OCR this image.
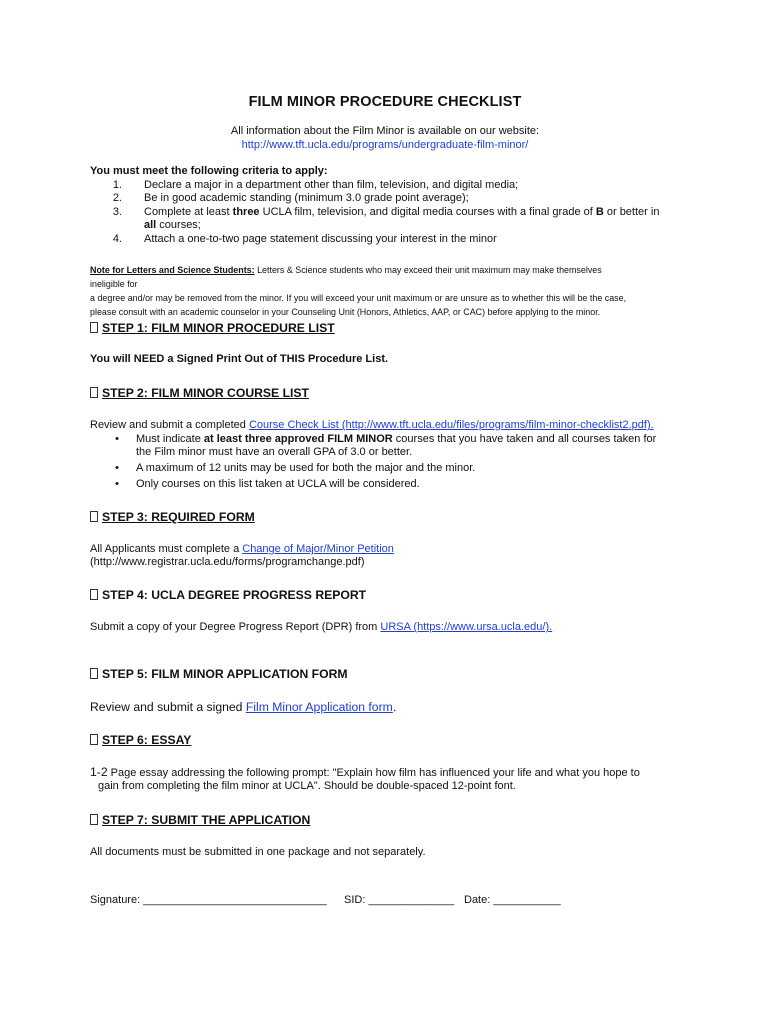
FILM MINOR PROCEDURE CHECKLIST
All information about the Film Minor is available on our website:
http://www.tft.ucla.edu/programs/undergraduate-film-minor/
You must meet the following criteria to apply:
1. Declare a major in a department other than film, television, and digital media;
2. Be in good academic standing (minimum 3.0 grade point average);
3. Complete at least three UCLA film, television, and digital media courses with a final grade of B or better in
all courses;
4. Attach a one-to-two page statement discussing your interest in the minor
Note for Letters and Science Students: Letters & Science students who may exceed their unit maximum may make themselves ineligible for
a degree and/or may be removed from the minor. If you will exceed your unit maximum or are unsure as to whether this will be the case,
please consult with an academic counselor in your Counseling Unit (Honors, Athletics, AAP, or CAC) before applying to the minor.
STEP 1: FILM MINOR PROCEDURE LIST
You will NEED a Signed Print Out of THIS Procedure List.
STEP 2: FILM MINOR COURSE LIST
Review and submit a completed Course Check List (http://www.tft.ucla.edu/files/programs/film-minor-checklist2.pdf).
• Must indicate at least three approved FILM MINOR courses that you have taken and all courses taken for
the Film minor must have an overall GPA of 3.0 or better.
• A maximum of 12 units may be used for both the major and the minor.
• Only courses on this list taken at UCLA will be considered.
STEP 3: REQUIRED FORM
All Applicants must complete a Change of Major/Minor Petition
(http://www.registrar.ucla.edu/forms/programchange.pdf)
STEP 4: UCLA DEGREE PROGRESS REPORT
Submit a copy of your Degree Progress Report (DPR) from URSA (https://www.ursa.ucla.edu/).
STEP 5: FILM MINOR APPLICATION FORM
Review and submit a signed Film Minor Application form.
STEP 6: ESSAY
1-2 Page essay addressing the following prompt: "Explain how film has influenced your life and what you hope to
gain from completing the film minor at UCLA". Should be double-spaced 12-point font.
STEP 7: SUBMIT THE APPLICATION
All documents must be submitted in one package and not separately.
Signature: ______________________________ SID: ______________ Date: ___________
